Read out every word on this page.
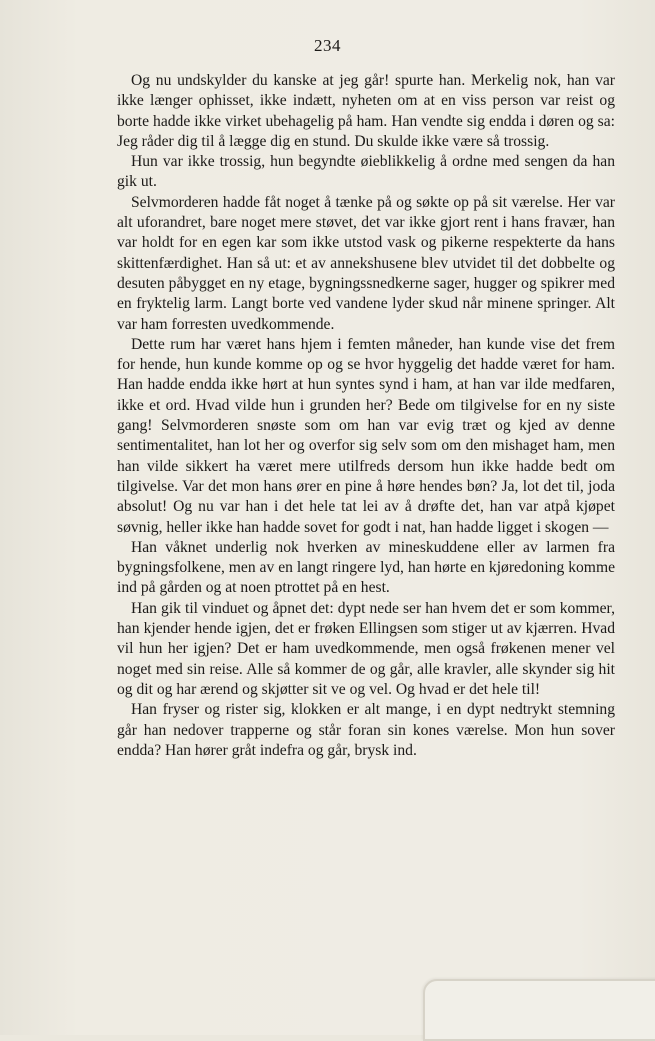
234

Og nu undskylder du kanske at jeg går! spurte han. Merkelig nok, han var ikke længer ophisset, ikke indætt, nyheten om at en viss person var reist og borte hadde ikke virket ubehagelig på ham. Han vendte sig endda i døren og sa: Jeg råder dig til å lægge dig en stund. Du skulde ikke være så trossig.

Hun var ikke trossig, hun begyndte øieblikkelig å ordne med sengen da han gik ut.

Selvmorderen hadde fåt noget å tænke på og søkte op på sit værelse. Her var alt uforandret, bare noget mere støvet, det var ikke gjort rent i hans fravær, han var holdt for en egen kar som ikke utstod vask og pikerne respekterte da hans skittenfærdighet. Han så ut: et av annekshusene blev utvidet til det dobbelte og desuten påbygget en ny etage, bygningssnedkerne sager, hugger og spikrer med en fryktelig larm. Langt borte ved vandene lyder skud når minene springer. Alt var ham forresten uvedkommende.

Dette rum har været hans hjem i femten måneder, han kunde vise det frem for hende, hun kunde komme op og se hvor hyggelig det hadde været for ham. Han hadde endda ikke hørt at hun syntes synd i ham, at han var ilde medfaren, ikke et ord. Hvad vilde hun i grunden her? Bede om tilgivelse for en ny siste gang! Selvmorderen snøste som om han var evig træt og kjed av denne sentimentalitet, han lot her og overfor sig selv som om den mishaget ham, men han vilde sikkert ha været mere utilfreds dersom hun ikke hadde bedt om tilgivelse. Var det mon hans ører en pine å høre hendes bøn? Ja, lot det til, joda absolut! Og nu var han i det hele tat lei av å drøfte det, han var atpå kjøpet søvnig, heller ikke han hadde sovet for godt i nat, han hadde ligget i skogen —

Han våknet underlig nok hverken av mineskuddene eller av larmen fra bygningsfolkene, men av en langt ringere lyd, han hørte en kjøredoning komme ind på gården og at noen ptrottet på en hest.

Han gik til vinduet og åpnet det: dypt nede ser han hvem det er som kommer, han kjender hende igjen, det er frøken Ellingsen som stiger ut av kjærren. Hvad vil hun her igjen? Det er ham uvedkommende, men også frøkenen mener vel noget med sin reise. Alle så kommer de og går, alle kravler, alle skynder sig hit og dit og har ærend og skjøtter sit ve og vel. Og hvad er det hele til!

Han fryser og rister sig, klokken er alt mange, i en dypt nedtrykt stemning går han nedover trapperne og står foran sin kones værelse. Mon hun sover endda? Han hører gråt indefra og går, brysk ind.
